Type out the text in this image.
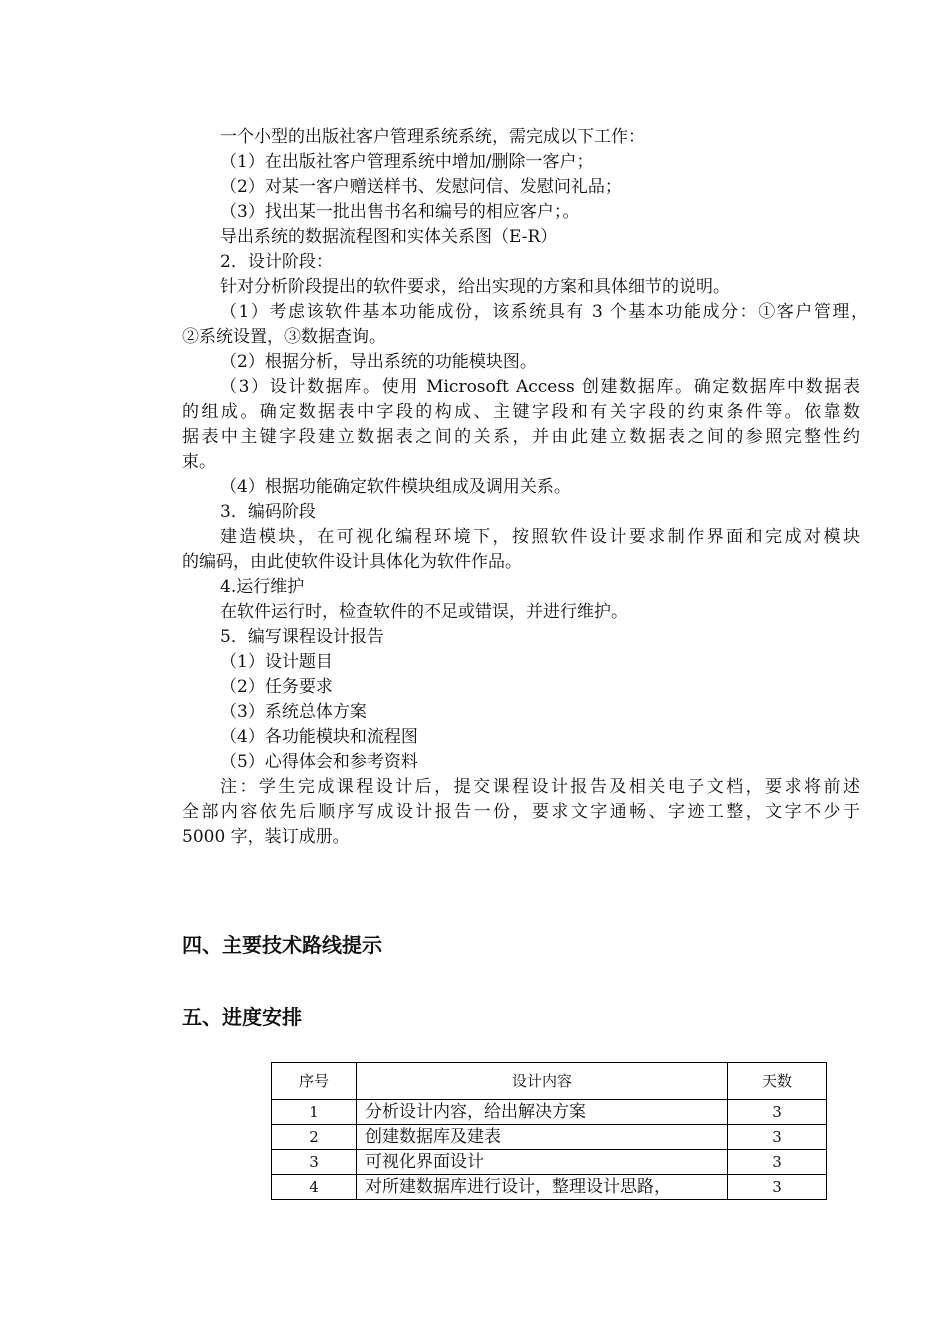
一个小型的出版社客户管理系统系统，需完成以下工作：
（1）在出版社客户管理系统中增加/删除一客户；
（2）对某一客户赠送样书、发慰问信、发慰问礼品；
（3）找出某一批出售书名和编号的相应客户；。
导出系统的数据流程图和实体关系图（E-R）
2．设计阶段：
针对分析阶段提出的软件要求，给出实现的方案和具体细节的说明。
（1）考虑该软件基本功能成份，该系统具有 3 个基本功能成分：①客户管理，
②系统设置，③数据查询。
（2）根据分析，导出系统的功能模块图。
（3）设计数据库。使用 Microsoft Access 创建数据库。确定数据库中数据表
的组成。确定数据表中字段的构成、主键字段和有关字段的约束条件等。依靠数
据表中主键字段建立数据表之间的关系，并由此建立数据表之间的参照完整性约
束。
（4）根据功能确定软件模块组成及调用关系。
3．编码阶段
建造模块，在可视化编程环境下，按照软件设计要求制作界面和完成对模块
的编码，由此使软件设计具体化为软件作品。
4.运行维护
在软件运行时，检查软件的不足或错误，并进行维护。
5．编写课程设计报告
（1）设计题目
（2）任务要求
（3）系统总体方案
（4）各功能模块和流程图
（5）心得体会和参考资料
注：学生完成课程设计后，提交课程设计报告及相关电子文档，要求将前述
全部内容依先后顺序写成设计报告一份，要求文字通畅、字迹工整，文字不少于
5000 字，装订成册。
四、主要技术路线提示
五、进度安排
序号	设计内容	天数
1	分析设计内容，给出解决方案	3
2	创建数据库及建表	3
3	可视化界面设计	3
4	对所建数据库进行设计，整理设计思路，	3
